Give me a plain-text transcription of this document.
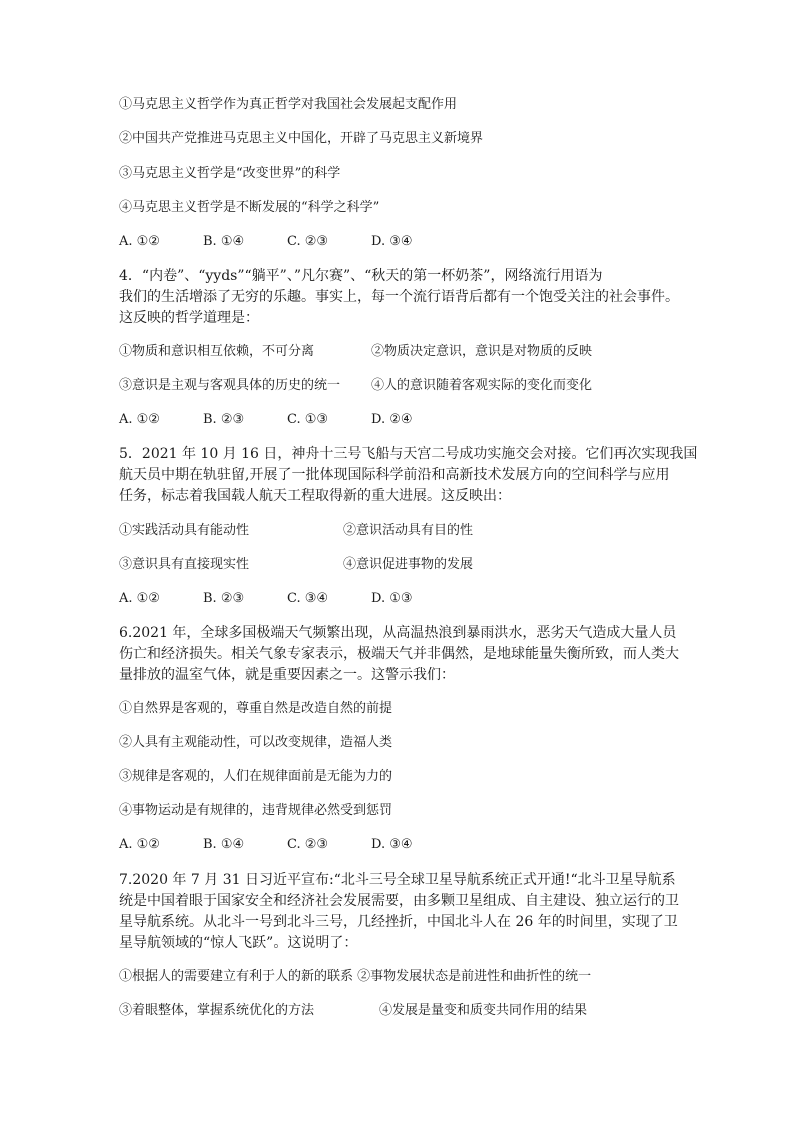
①马克思主义哲学作为真正哲学对我国社会发展起支配作用
②中国共产党推进马克思主义中国化，开辟了马克思主义新境界
③马克思主义哲学是“改变世界”的科学
④马克思主义哲学是不断发展的“科学之科学”
A. ①②	B. ①④	C. ②③	D. ③④
4．“内卷”、“yyds”“躺平”、”凡尔赛”、“秋天的第一杯奶茶”，网络流行用语为
我们的生活增添了无穷的乐趣。事实上，每一个流行语背后都有一个饱受关注的社会事件。
这反映的哲学道理是：
①物质和意识相互依赖，不可分离	②物质决定意识，意识是对物质的反映
③意识是主观与客观具体的历史的统一 ④人的意识随着客观实际的变化而变化
A. ①②	B. ②③	C. ①③	D. ②④
5．2021 年 10 月 16 日，神舟十三号飞船与天宫二号成功实施交会对接。它们再次实现我国
航天员中期在轨驻留,开展了一批体现国际科学前沿和高新技术发展方向的空间科学与应用
任务，标志着我国载人航天工程取得新的重大进展。这反映出：
①实践活动具有能动性	②意识活动具有目的性
③意识具有直接现实性	④意识促进事物的发展
A. ①②	B. ②③	C. ③④	D. ①③
6.2021 年，全球多国极端天气频繁出现，从高温热浪到暴雨洪水，恶劣天气造成大量人员
伤亡和经济损失。相关气象专家表示，极端天气并非偶然，是地球能量失衡所致，而人类大
量排放的温室气体，就是重要因素之一。这警示我们：
①自然界是客观的，尊重自然是改造自然的前提
②人具有主观能动性，可以改变规律，造福人类
③规律是客观的，人们在规律面前是无能为力的
④事物运动是有规律的，违背规律必然受到惩罚
A. ①②	B. ①④	C. ②③	D. ③④
7.2020 年 7 月 31 日习近平宣布:“北斗三号全球卫星导航系统正式开通!“北斗卫星导航系
统是中国着眼于国家安全和经济社会发展需要，由多颗卫星组成、自主建设、独立运行的卫
星导航系统。从北斗一号到北斗三号，几经挫折，中国北斗人在 26 年的时间里，实现了卫
星导航领域的“惊人飞跃”。这说明了：
①根据人的需要建立有利于人的新的联系 ②事物发展状态是前进性和曲折性的统一
③着眼整体，掌握系统优化的方法	④发展是量变和质变共同作用的结果
